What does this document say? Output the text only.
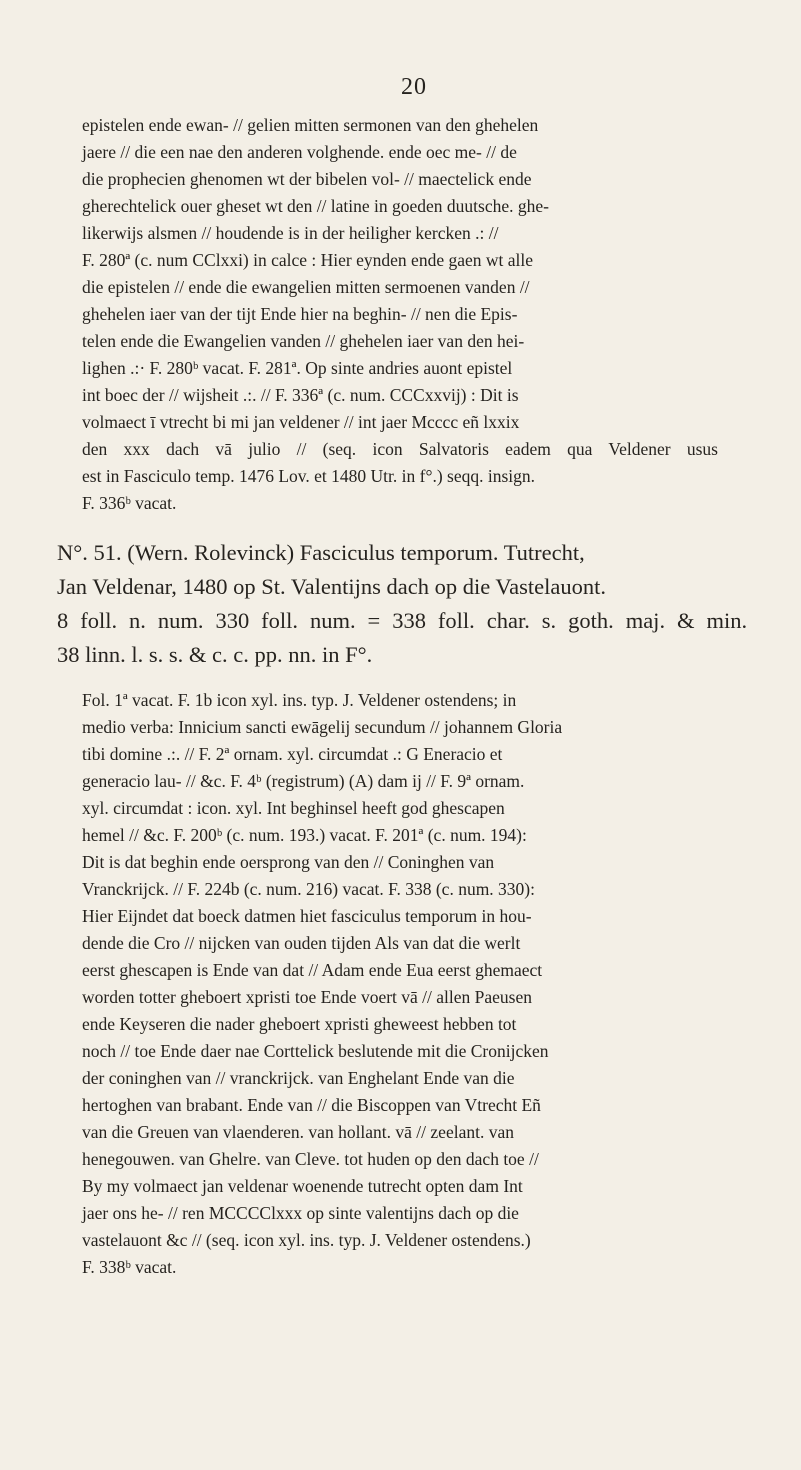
20
epistelen ende ewan- // gelien mitten sermonen van den ghehelen
jaere // die een nae den anderen volghende. ende oec me- // de
die prophecien ghenomen wt der bibelen vol- // maectelick ende
gherechtelick ouer gheset wt den // latine in goeden duutsche. ghe-
likerwijs alsmen // houdende is in der heiligher kercken .: //
F. 280ª (c. num CClxxi) in calce : Hier eynden ende gaen wt alle
die epistelen // ende die ewangelien mitten sermoenen vanden //
ghehelen iaer van der tijt Ende hier na beghin- // nen die Epis-
telen ende die Ewangelien vanden // ghehelen iaer van den hei-
lighen .:· F. 280ᵇ vacat. F. 281ª. Op sinte andries auont epistel
int boec der // wijsheit .:. // F. 336ª (c. num. CCCxxvij) : Dit is
volmaect ī vtrecht bi mi jan veldener // int jaer Mcccc eñ lxxix
den xxx dach vā julio // (seq. icon Salvatoris eadem qua Veldener usus
est in Fasciculo temp. 1476 Lov. et 1480 Utr. in f°.) seqq. insign.
F. 336ᵇ vacat.
N°. 51. (Wern. Rolevinck) Fasciculus temporum. Tutrecht,
Jan Veldenar, 1480 op St. Valentijns dach op die Vastelauont.
8 foll. n. num. 330 foll. num. = 338 foll. char. s. goth. maj. & min.
38 linn. l. s. s. & c. c. pp. nn. in F°.
Fol. 1ª vacat. F. 1b icon xyl. ins. typ. J. Veldener ostendens; in
medio verba: Innicium sancti ewāgelij secundum // johannem Gloria
tibi domine .:. // F. 2ª ornam. xyl. circumdat .: G Eneracio et
generacio lau- // &c. F. 4ᵇ (registrum) (A) dam ij // F. 9ª ornam.
xyl. circumdat : icon. xyl. Int beghinsel heeft god ghescapen
hemel // &c. F. 200ᵇ (c. num. 193.) vacat. F. 201ª (c. num. 194):
Dit is dat beghin ende oersprong van den // Coninghen van
Vranckrijck. // F. 224b (c. num. 216) vacat. F. 338 (c. num. 330):
Hier Eijndet dat boeck datmen hiet fasciculus temporum in hou-
dende die Cro // nijcken van ouden tijden Als van dat die werlt
eerst ghescapen is Ende van dat // Adam ende Eua eerst ghemaect
worden totter gheboert xpristi toe Ende voert vā // allen Paeusen
ende Keyseren die nader gheboert xpristi gheweest hebben tot
noch // toe Ende daer nae Corttelick beslutende mit die Cronijcken
der coninghen van // vranckrijck. van Enghelant Ende van die
hertoghen van brabant. Ende van // die Biscoppen van Vtrecht Eñ
van die Greuen van vlaenderen. van hollant. vā // zeelant. van
henegouwen. van Ghelre. van Cleve. tot huden op den dach toe //
By my volmaect jan veldenar woenende tutrecht opten dam Int
jaer ons he- // ren MCCCClxxx op sinte valentijns dach op die
vastelauont &c // (seq. icon xyl. ins. typ. J. Veldener ostendens.)
F. 338ᵇ vacat.
